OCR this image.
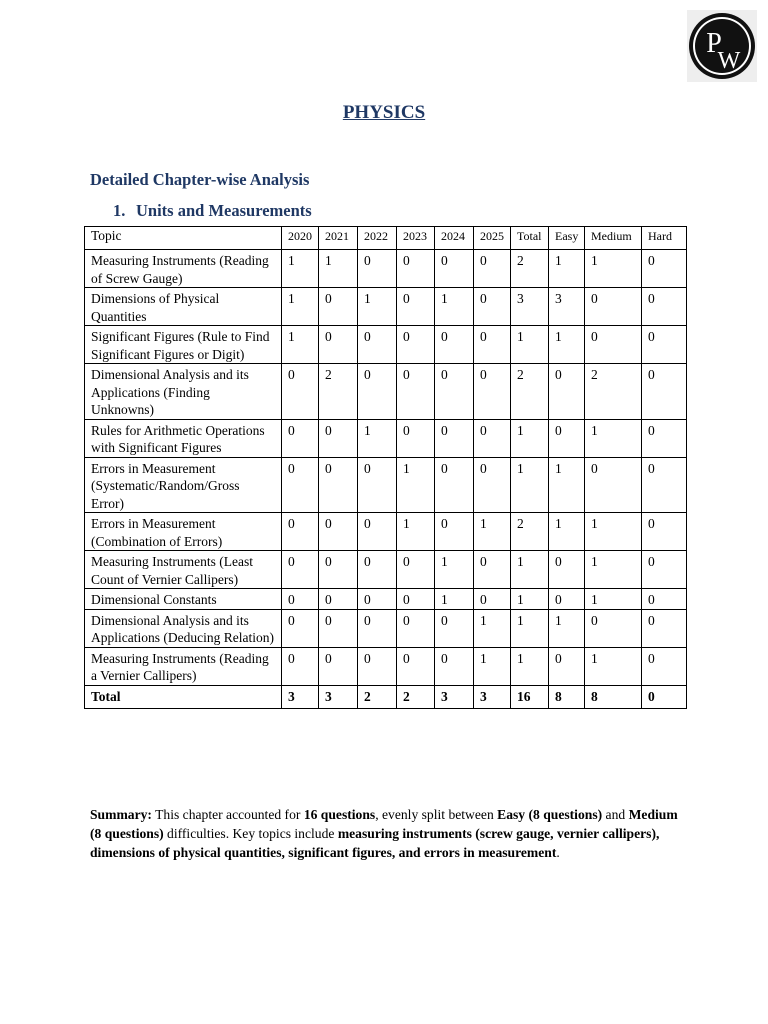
P
W
PHYSICS
Detailed Chapter-wise Analysis
1. Units and Measurements
Topic	2020	2021	2022	2023	2024	2025	Total	Easy	Medium	Hard
Measuring Instruments (Reading of Screw Gauge)	1	1	0	0	0	0	2	1	1	0
Dimensions of Physical Quantities	1	0	1	0	1	0	3	3	0	0
Significant Figures (Rule to Find Significant Figures or Digit)	1	0	0	0	0	0	1	1	0	0
Dimensional Analysis and its Applications (Finding Unknowns)	0	2	0	0	0	0	2	0	2	0
Rules for Arithmetic Operations with Significant Figures	0	0	1	0	0	0	1	0	1	0
Errors in Measurement (Systematic/Random/Gross Error)	0	0	0	1	0	0	1	1	0	0
Errors in Measurement (Combination of Errors)	0	0	0	1	0	1	2	1	1	0
Measuring Instruments (Least Count of Vernier Callipers)	0	0	0	0	1	0	1	0	1	0
Dimensional Constants	0	0	0	0	1	0	1	0	1	0
Dimensional Analysis and its Applications (Deducing Relation)	0	0	0	0	0	1	1	1	0	0
Measuring Instruments (Reading a Vernier Callipers)	0	0	0	0	0	1	1	0	1	0
Total	3	3	2	2	3	3	16	8	8	0
Summary: This chapter accounted for 16 questions, evenly split between Easy (8 questions) and Medium (8 questions) difficulties. Key topics include measuring instruments (screw gauge, vernier callipers), dimensions of physical quantities, significant figures, and errors in measurement.
